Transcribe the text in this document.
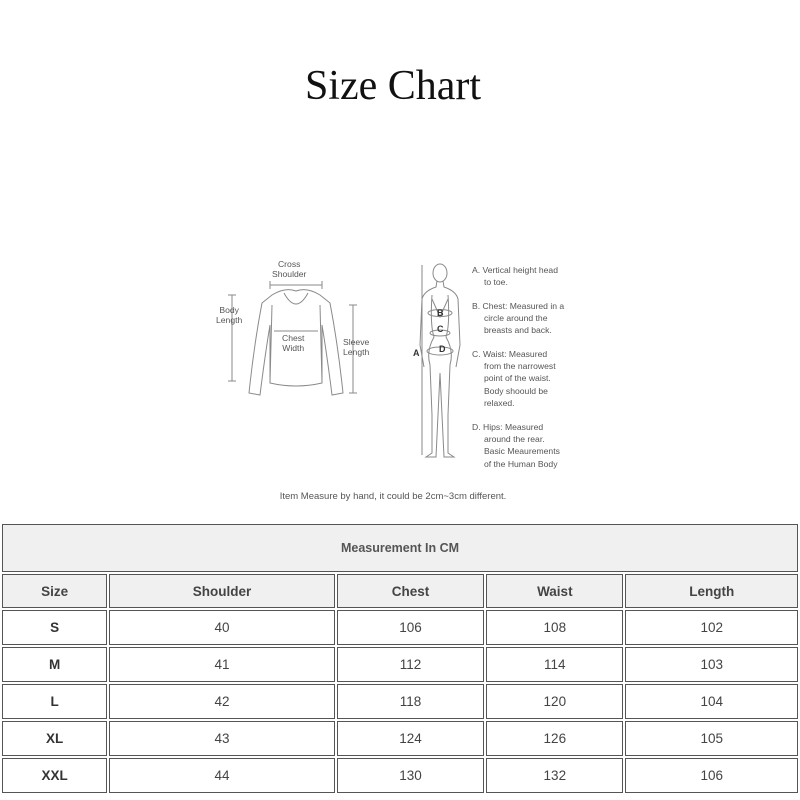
Size Chart
Cross
Shoulder
Body
Length
Chest
Width
Sleeve
Length	A
B
C
D
A. Vertical height head
to toe.
B. Chest: Measured in a
circle around the
breasts and back.
C. Waist: Measured
from the narrowest
point of the waist.
Body shoould be
relaxed.
D. Hips: Measured
around the rear.
Basic Meaurements
of the Human Body
Item Measure by hand, it could be 2cm~3cm different.
Measurement In CM				
Size	Shoulder	Chest	Waist	Length
S	40	106	108	102
M	41	112	114	103
L	42	118	120	104
XL	43	124	126	105
XXL	44	130	132	106
